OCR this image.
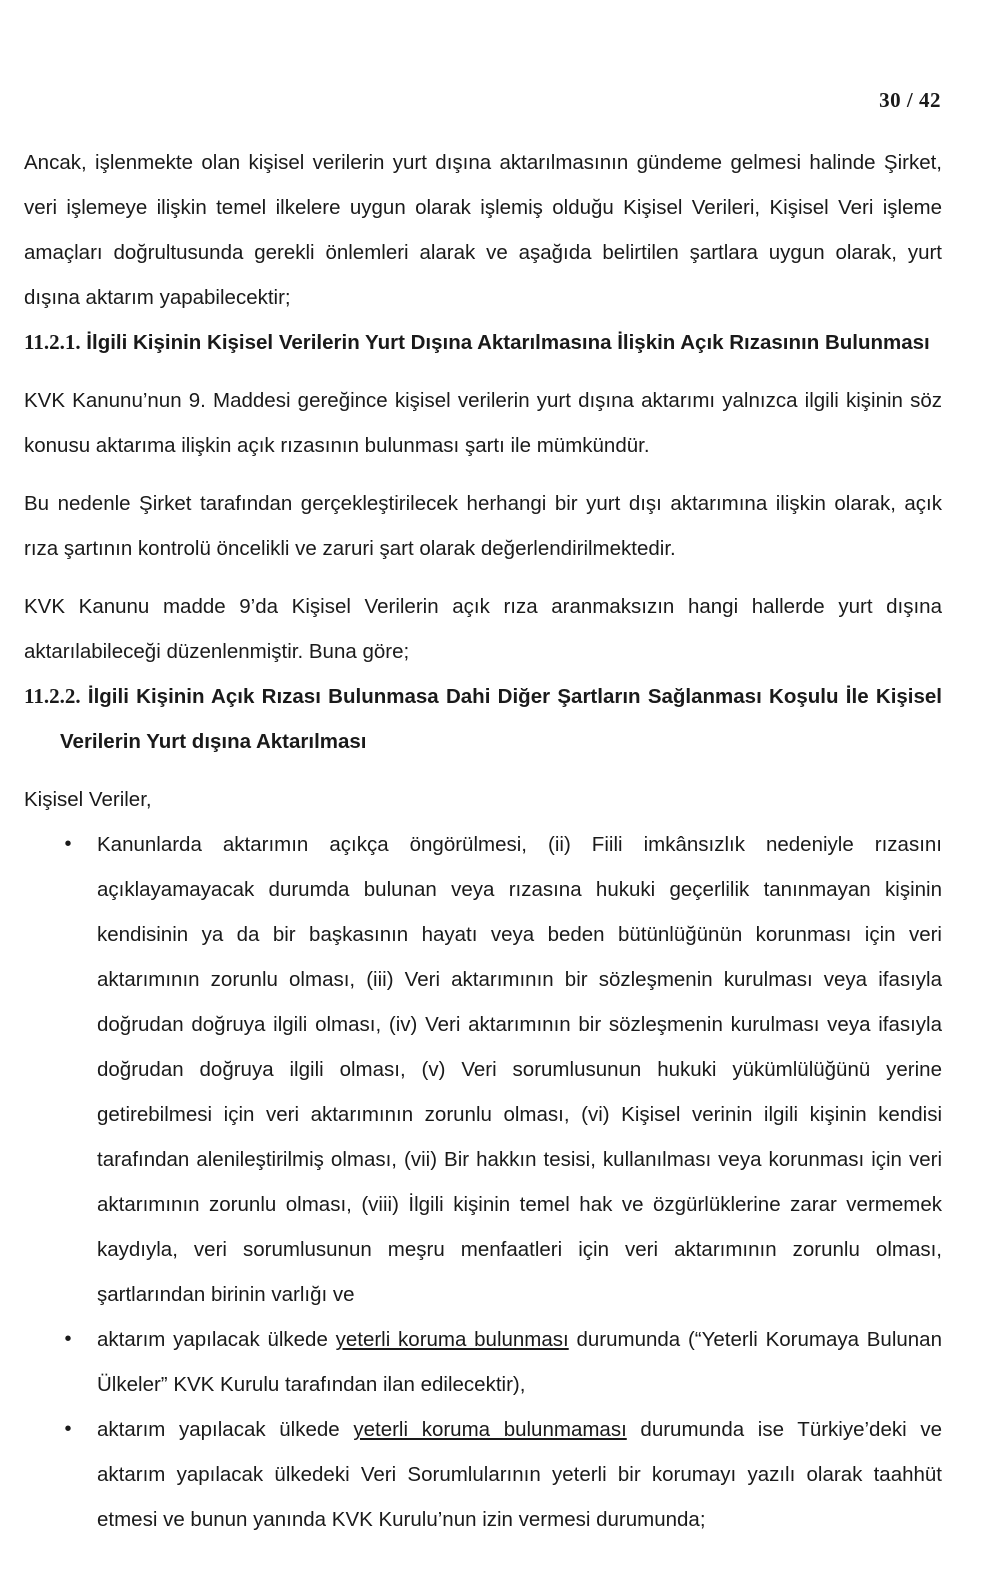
30 / 42

Ancak, işlenmekte olan kişisel verilerin yurt dışına aktarılmasının gündeme gelmesi halinde Şirket, veri işlemeye ilişkin temel ilkelere uygun olarak işlemiş olduğu Kişisel Verileri, Kişisel Veri işleme amaçları doğrultusunda gerekli önlemleri alarak ve aşağıda belirtilen şartlara uygun olarak, yurt dışına aktarım yapabilecektir;

11.2.1. İlgili Kişinin Kişisel Verilerin Yurt Dışına Aktarılmasına İlişkin Açık Rızasının Bulunması

KVK Kanunu’nun 9. Maddesi gereğince kişisel verilerin yurt dışına aktarımı yalnızca ilgili kişinin söz konusu aktarıma ilişkin açık rızasının bulunması şartı ile mümkündür.

Bu nedenle Şirket tarafından gerçekleştirilecek herhangi bir yurt dışı aktarımına ilişkin olarak, açık rıza şartının kontrolü öncelikli ve zaruri şart olarak değerlendirilmektedir.

KVK Kanunu madde 9’da Kişisel Verilerin açık rıza aranmaksızın hangi hallerde yurt dışına aktarılabileceği düzenlenmiştir. Buna göre;

11.2.2. İlgili Kişinin Açık Rızası Bulunmasa Dahi Diğer Şartların Sağlanması Koşulu İle Kişisel Verilerin Yurt dışına Aktarılması

Kişisel Veriler,

•	Kanunlarda aktarımın açıkça öngörülmesi, (ii) Fiili imkânsızlık nedeniyle rızasını açıklayamayacak durumda bulunan veya rızasına hukuki geçerlilik tanınmayan kişinin kendisinin ya da bir başkasının hayatı veya beden bütünlüğünün korunması için veri aktarımının zorunlu olması, (iii) Veri aktarımının bir sözleşmenin kurulması veya ifasıyla doğrudan doğruya ilgili olması, (iv) Veri aktarımının bir sözleşmenin kurulması veya ifasıyla doğrudan doğruya ilgili olması, (v) Veri sorumlusunun hukuki yükümlülüğünü yerine getirebilmesi için veri aktarımının zorunlu olması, (vi) Kişisel verinin ilgili kişinin kendisi tarafından alenileştirilmiş olması, (vii) Bir hakkın tesisi, kullanılması veya korunması için veri aktarımının zorunlu olması, (viii) İlgili kişinin temel hak ve özgürlüklerine zarar vermemek kaydıyla, veri sorumlusunun meşru menfaatleri için veri aktarımının zorunlu olması, şartlarından birinin varlığı ve
•	aktarım yapılacak ülkede yeterli koruma bulunması durumunda (“Yeterli Korumaya Bulunan Ülkeler” KVK Kurulu tarafından ilan edilecektir),
•	aktarım yapılacak ülkede yeterli koruma bulunmaması durumunda ise Türkiye’deki ve aktarım yapılacak ülkedeki Veri Sorumlularının yeterli bir korumayı yazılı olarak taahhüt etmesi ve bunun yanında KVK Kurulu’nun izin vermesi durumunda;
